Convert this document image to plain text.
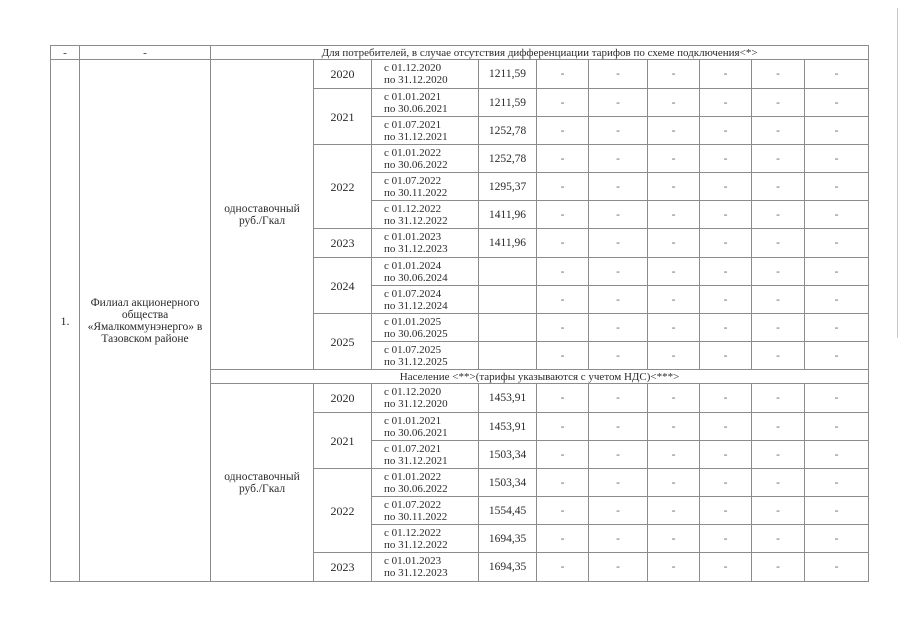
-	-	Для потребителей, в случае отсутствия дифференциации тарифов по схеме подключения<*>									
1.	Филиал акционерного общества «Ямалкоммунэнерго» в Тазовском районе	одноставочный руб./Гкал	2020	с 01.12.2020
по 31.12.2020	1211,59	-	-	-	-	-	-
			2021	с 01.01.2021
по 30.06.2021	1211,59	-	-	-	-	-	-

				с 01.07.2021
по 31.12.2021	1252,78	-	-	-	-	-	-
			2022	с 01.01.2022
по 30.06.2022	1252,78	-	-	-	-	-	-

				с 01.07.2022
по 30.11.2022	1295,37	-	-	-	-	-	-

				с 01.12.2022
по 31.12.2022	1411,96	-	-	-	-	-	-
			2023	с 01.01.2023
по 31.12.2023	1411,96	-	-	-	-	-	-
			2024	с 01.01.2024
по 30.06.2024		-	-	-	-	-	-

				с 01.07.2024
по 31.12.2024		-	-	-	-	-	-
			2025	с 01.01.2025
по 30.06.2025		-	-	-	-	-	-

				с 01.07.2025
по 31.12.2025		-	-	-	-	-	-
		Население <**>(тарифы указываются с учетом НДС)<***>									
		одноставочный руб./Гкал	2020	с 01.12.2020
по 31.12.2020	1453,91	-	-	-	-	-	-
			2021	с 01.01.2021
по 30.06.2021	1453,91	-	-	-	-	-	-

				с 01.07.2021
по 31.12.2021	1503,34	-	-	-	-	-	-
			2022	с 01.01.2022
по 30.06.2022	1503,34	-	-	-	-	-	-

				с 01.07.2022
по 30.11.2022	1554,45	-	-	-	-	-	-

				с 01.12.2022
по 31.12.2022	1694,35	-	-	-	-	-	-
			2023	с 01.01.2023
по 31.12.2023	1694,35	-	-	-	-	-	-
